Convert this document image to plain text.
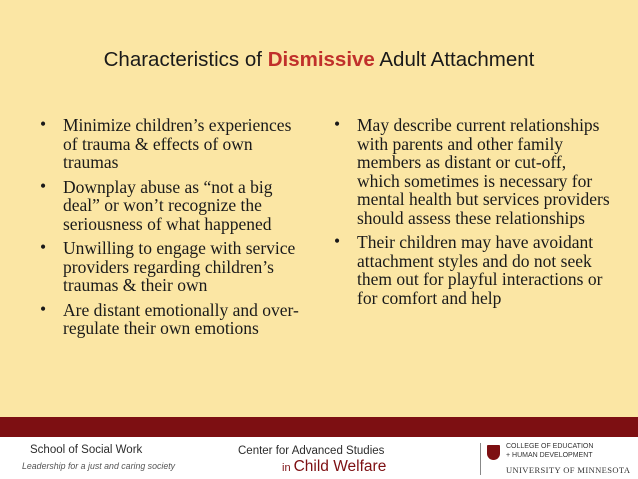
Characteristics of Dismissive Adult Attachment
• Minimize children’s experiences of trauma & effects of own traumas
• Downplay abuse as “not a big deal” or won’t recognize the seriousness of what happened
• Unwilling to engage with service providers regarding children’s traumas & their own
• Are distant emotionally and over-regulate their own emotions
• May describe current relationships with parents and other family members as distant or cut-off, which sometimes is necessary for mental health but services providers should assess these relationships
• Their children may have avoidant attachment styles and do not seek them out for playful interactions or for comfort and help
School of Social Work
Leadership for a just and caring society
Center for Advanced Studies
in Child Welfare
COLLEGE OF EDUCATION
+ HUMAN DEVELOPMENT
UNIVERSITY OF MINNESOTA
